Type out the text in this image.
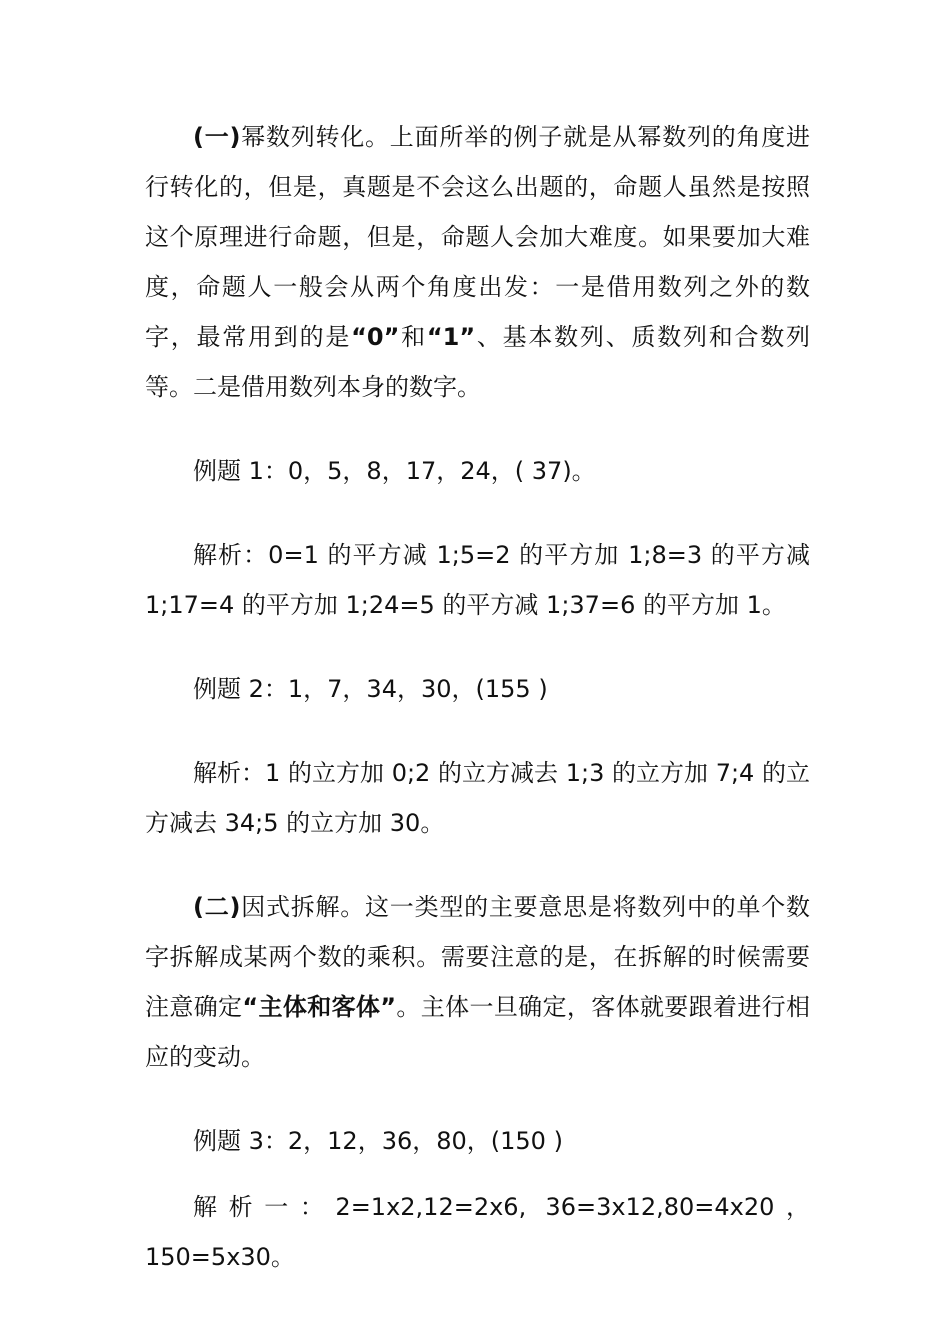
(一)幂数列转化。上面所举的例子就是从幂数列的角度进行转化的，但是，真题是不会这么出题的，命题人虽然是按照这个原理进行命题，但是，命题人会加大难度。如果要加大难度，命题人一般会从两个角度出发：一是借用数列之外的数字，最常用到的是“0”和“1”、基本数列、质数列和合数列等。二是借用数列本身的数字。

例题 1：0，5，8，17，24，( 37)。

解析：0=1 的平方减 1;5=2 的平方加 1;8=3 的平方减 1;17=4 的平方加 1;24=5 的平方减 1;37=6 的平方加 1。

例题 2：1，7，34，30，(155 )

解析：1 的立方加 0;2 的立方减去 1;3 的立方加 7;4 的立方减去 34;5 的立方加 30。

(二)因式拆解。这一类型的主要意思是将数列中的单个数字拆解成某两个数的乘积。需要注意的是，在拆解的时候需要注意确定“主体和客体”。主体一旦确定，客体就要跟着进行相应的变动。

例题 3：2，12，36，80，(150 )

解析一：2=1x2,12=2x6, 36=3x12,80=4x20，150=5x30。
